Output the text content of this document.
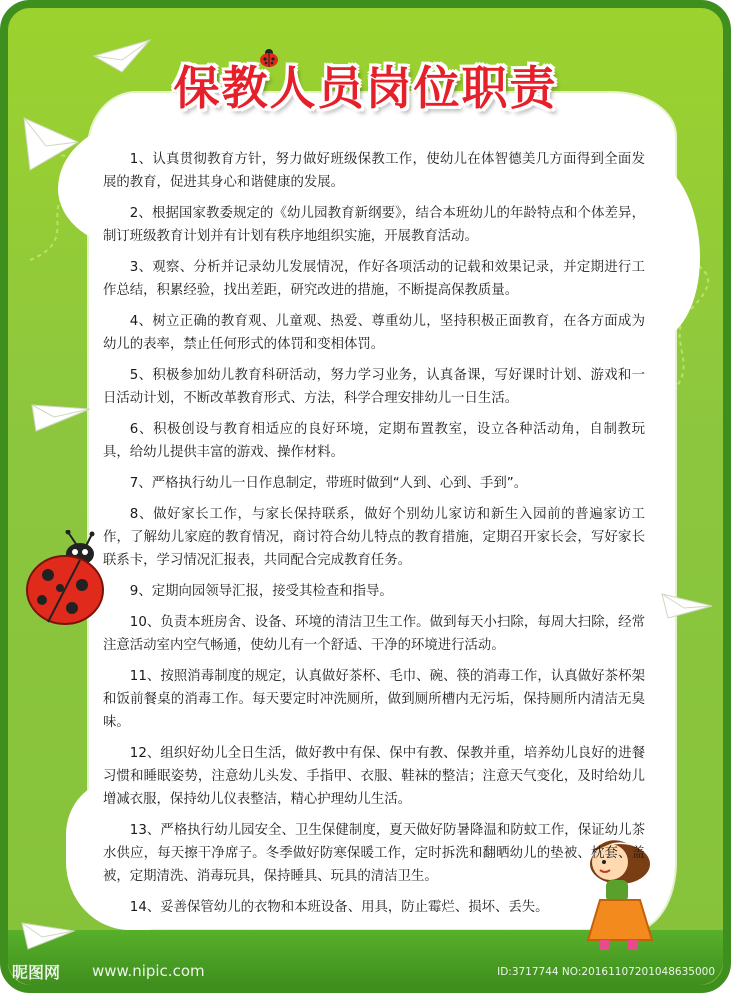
保教人员岗位职责

1、认真贯彻教育方针，努力做好班级保教工作，使幼儿在体智德美几方面得到全面发展的教育，促进其身心和谐健康的发展。

2、根据国家教委规定的《幼儿园教育新纲要》，结合本班幼儿的年龄特点和个体差异，制订班级教育计划并有计划有秩序地组织实施，开展教育活动。

3、观察、分析并记录幼儿发展情况，作好各项活动的记载和效果记录，并定期进行工作总结，积累经验，找出差距，研究改进的措施，不断提高保教质量。

4、树立正确的教育观、儿童观、热爱、尊重幼儿，坚持积极正面教育，在各方面成为幼儿的表率，禁止任何形式的体罚和变相体罚。

5、积极参加幼儿教育科研活动，努力学习业务，认真备课，写好课时计划、游戏和一日活动计划，不断改革教育形式、方法，科学合理安排幼儿一日生活。

6、积极创设与教育相适应的良好环境，定期布置教室，设立各种活动角，自制教玩具，给幼儿提供丰富的游戏、操作材料。

7、严格执行幼儿一日作息制定，带班时做到“人到、心到、手到”。

8、做好家长工作，与家长保持联系，做好个别幼儿家访和新生入园前的普遍家访工作，了解幼儿家庭的教育情况，商讨符合幼儿特点的教育措施，定期召开家长会，写好家长联系卡，学习情况汇报表，共同配合完成教育任务。

9、定期向园领导汇报，接受其检查和指导。

10、负责本班房舍、设备、环境的清洁卫生工作。做到每天小扫除，每周大扫除，经常注意活动室内空气畅通，使幼儿有一个舒适、干净的环境进行活动。

11、按照消毒制度的规定，认真做好茶杯、毛巾、碗、筷的消毒工作，认真做好茶杯架和饭前餐桌的消毒工作。每天要定时冲洗厕所，做到厕所槽内无污垢，保持厕所内清洁无臭味。

12、组织好幼儿全日生活，做好教中有保、保中有教、保教并重，培养幼儿良好的进餐习惯和睡眠姿势，注意幼儿头发、手指甲、衣服、鞋袜的整洁；注意天气变化，及时给幼儿增减衣服，保持幼儿仪表整洁，精心护理幼儿生活。

13、严格执行幼儿园安全、卫生保健制度，夏天做好防暑降温和防蚊工作，保证幼儿茶水供应，每天擦干净席子。冬季做好防寒保暖工作，定时拆洗和翻晒幼儿的垫被、枕套、盖被，定期清洗、消毒玩具，保持睡具、玩具的清洁卫生。

14、妥善保管幼儿的衣物和本班设备、用具，防止霉烂、损坏、丢失。

昵图网 www.nipic.com	ID:3717744 NO:20161107201048635000
